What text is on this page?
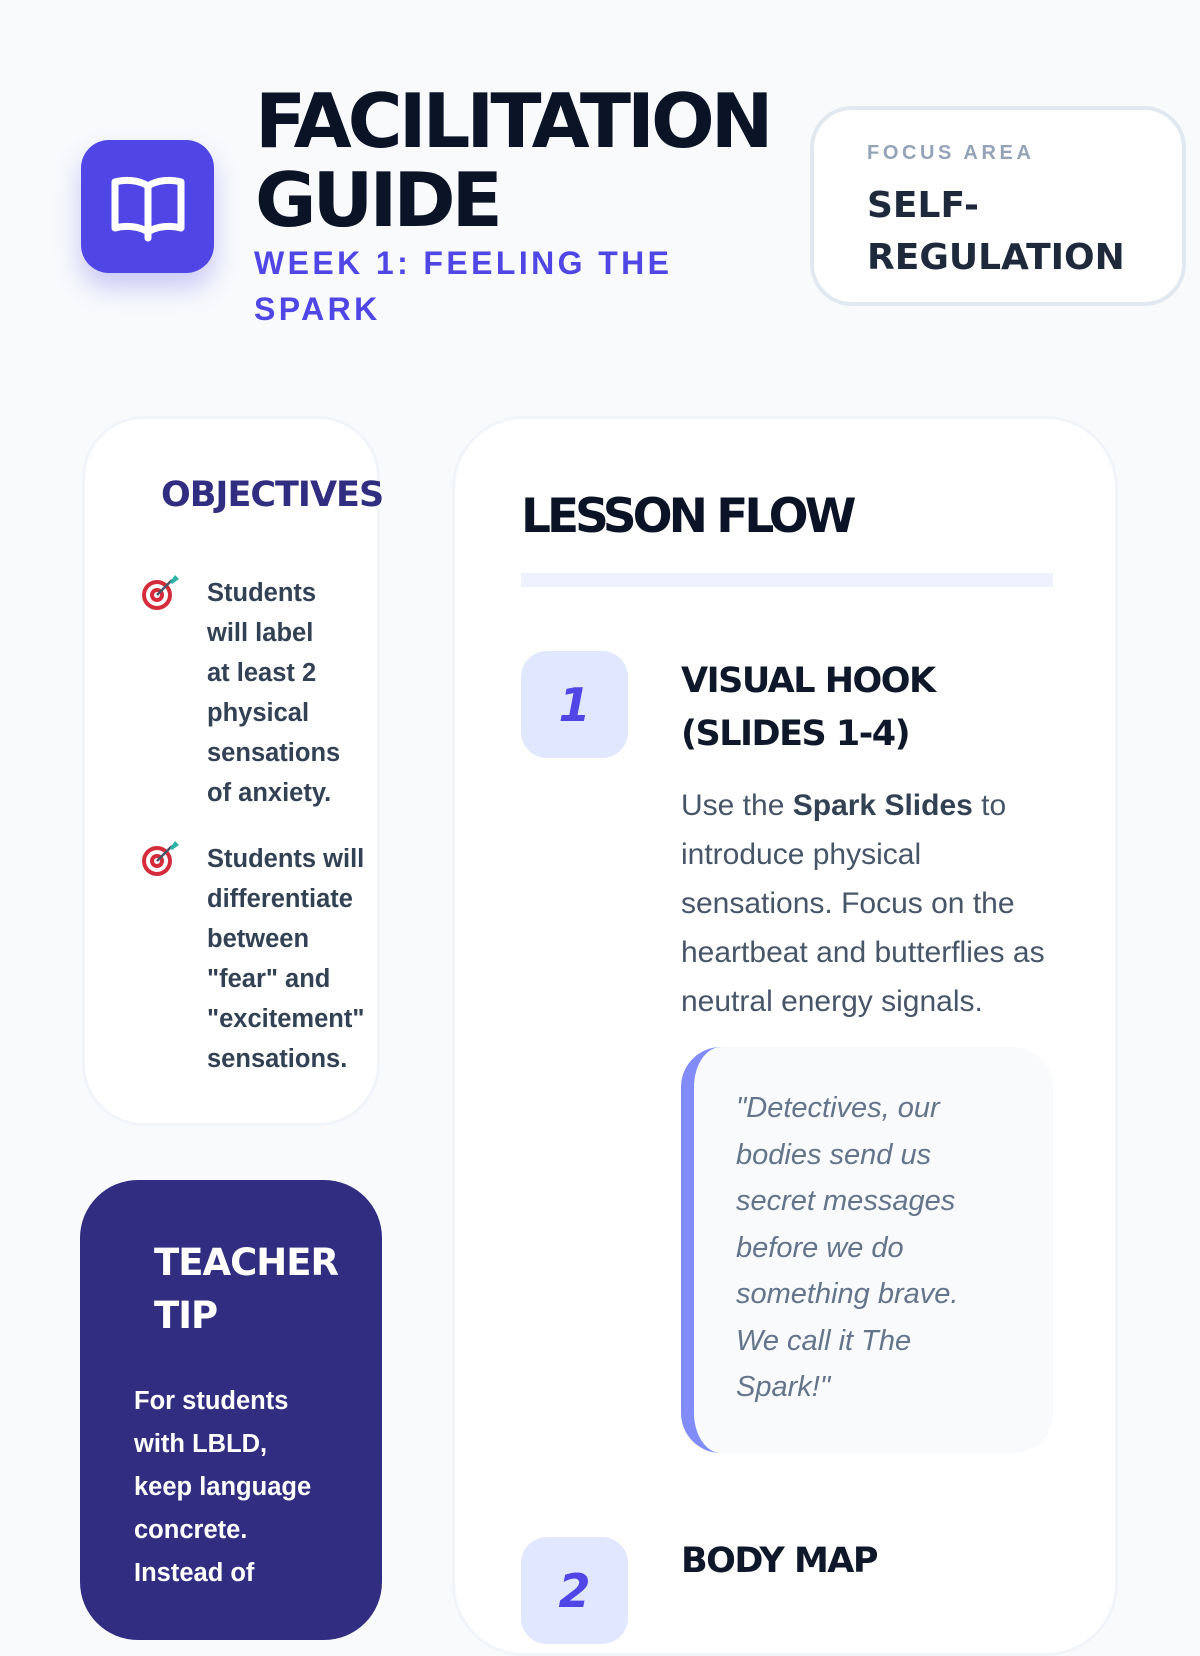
FACILITATION
GUIDE

WEEK 1: FEELING THE SPARK

FOCUS AREA
SELF-REGULATION
OBJECTIVES
Students
will label
at least 2
physical
sensations
of anxiety.
Students will
differentiate
between
"fear" and
"excitement"
sensations.
TEACHER TIP
For students
with LBLD,
keep language
concrete.
Instead of
LESSON FLOW
1	VISUAL HOOK
(SLIDES 1-4)

Use the Spark Slides to introduce physical sensations. Focus on the heartbeat and butterflies as neutral energy signals.

"Detectives, our bodies send us secret messages before we do something brave. We call it The Spark!"

2
BODY MAP
